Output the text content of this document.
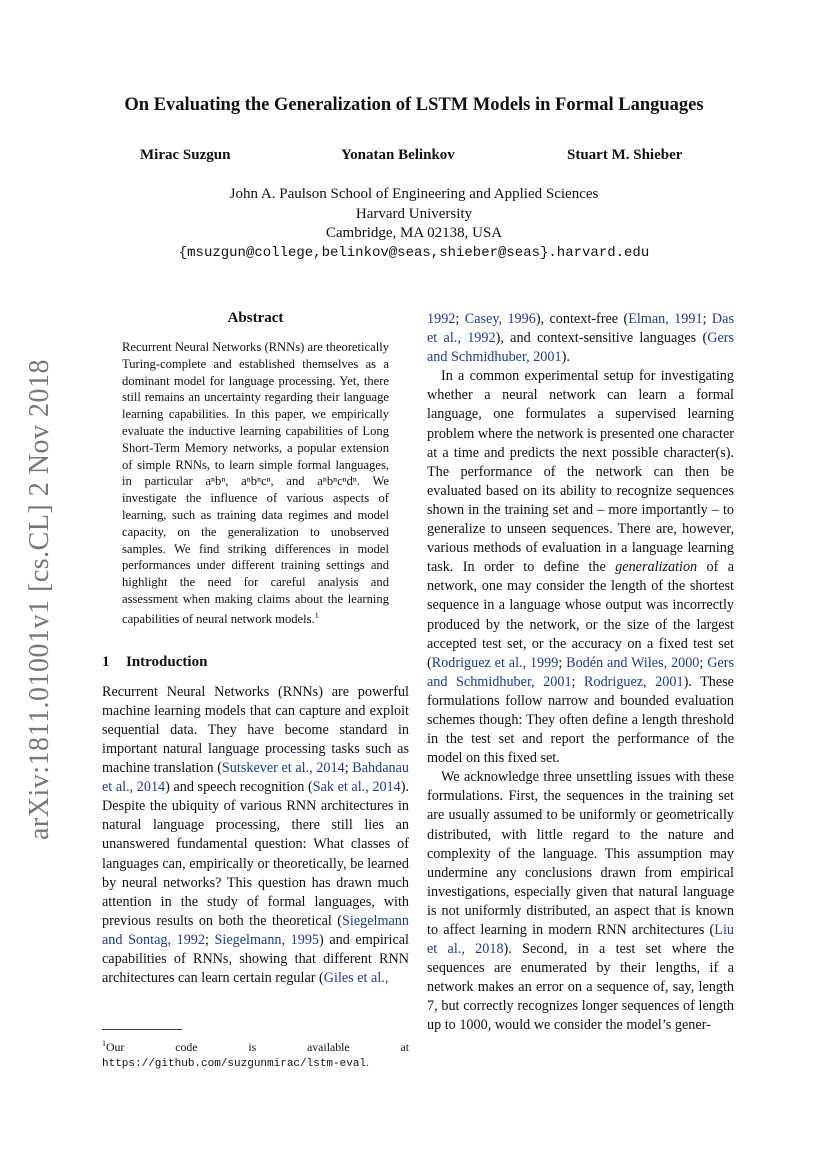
On Evaluating the Generalization of LSTM Models in Formal Languages
Mirac Suzgun	Yonatan Belinkov	Stuart M. Shieber
John A. Paulson School of Engineering and Applied Sciences
Harvard University
Cambridge, MA 02138, USA
{msuzgun@college,belinkov@seas,shieber@seas}.harvard.edu
arXiv:1811.01001v1 [cs.CL] 2 Nov 2018
Abstract
Recurrent Neural Networks (RNNs) are theoretically Turing-complete and established themselves as a dominant model for language processing. Yet, there still remains an uncertainty regarding their language learning capabilities. In this paper, we empirically evaluate the inductive learning capabilities of Long Short-Term Memory networks, a popular extension of simple RNNs, to learn simple formal languages, in particular aⁿbⁿ, aⁿbⁿcⁿ, and aⁿbⁿcⁿdⁿ. We investigate the influence of various aspects of learning, such as training data regimes and model capacity, on the generalization to unobserved samples. We find striking differences in model performances under different training settings and highlight the need for careful analysis and assessment when making claims about the learning capabilities of neural network models.$^1$
1 Introduction

Recurrent Neural Networks (RNNs) are powerful machine learning models that can capture and exploit sequential data. They have become standard in important natural language processing tasks such as machine translation (Sutskever et al., 2014; Bahdanau et al., 2014) and speech recognition (Sak et al., 2014). Despite the ubiquity of various RNN architectures in natural language processing, there still lies an unanswered fundamental question: What classes of languages can, empirically or theoretically, be learned by neural networks? This question has drawn much attention in the study of formal languages, with previous results on both the theoretical (Siegelmann and Sontag, 1992; Siegelmann, 1995) and empirical capabilities of RNNs, showing that different RNN architectures can learn certain regular (Giles et al.,

1992; Casey, 1996), context-free (Elman, 1991; Das et al., 1992), and context-sensitive languages (Gers and Schmidhuber, 2001).

In a common experimental setup for investigating whether a neural network can learn a formal language, one formulates a supervised learning problem where the network is presented one character at a time and predicts the next possible character(s). The performance of the network can then be evaluated based on its ability to recognize sequences shown in the training set and – more importantly – to generalize to unseen sequences. There are, however, various methods of evaluation in a language learning task. In order to define the generalization of a network, one may consider the length of the shortest sequence in a language whose output was incorrectly produced by the network, or the size of the largest accepted test set, or the accuracy on a fixed test set (Rodriguez et al., 1999; Bodén and Wiles, 2000; Gers and Schmidhuber, 2001; Rodriguez, 2001). These formulations follow narrow and bounded evaluation schemes though: They often define a length threshold in the test set and report the performance of the model on this fixed set.

We acknowledge three unsettling issues with these formulations. First, the sequences in the training set are usually assumed to be uniformly or geometrically distributed, with little regard to the nature and complexity of the language. This assumption may undermine any conclusions drawn from empirical investigations, especially given that natural language is not uniformly distributed, an aspect that is known to affect learning in modern RNN architectures (Liu et al., 2018). Second, in a test set where the sequences are enumerated by their lengths, if a network makes an error on a sequence of, say, length 7, but correctly recognizes longer sequences of length up to 1000, would we consider the model’s gener-

$^1$Our code is available at https://github.com/suzgunmirac/lstm-eval.
